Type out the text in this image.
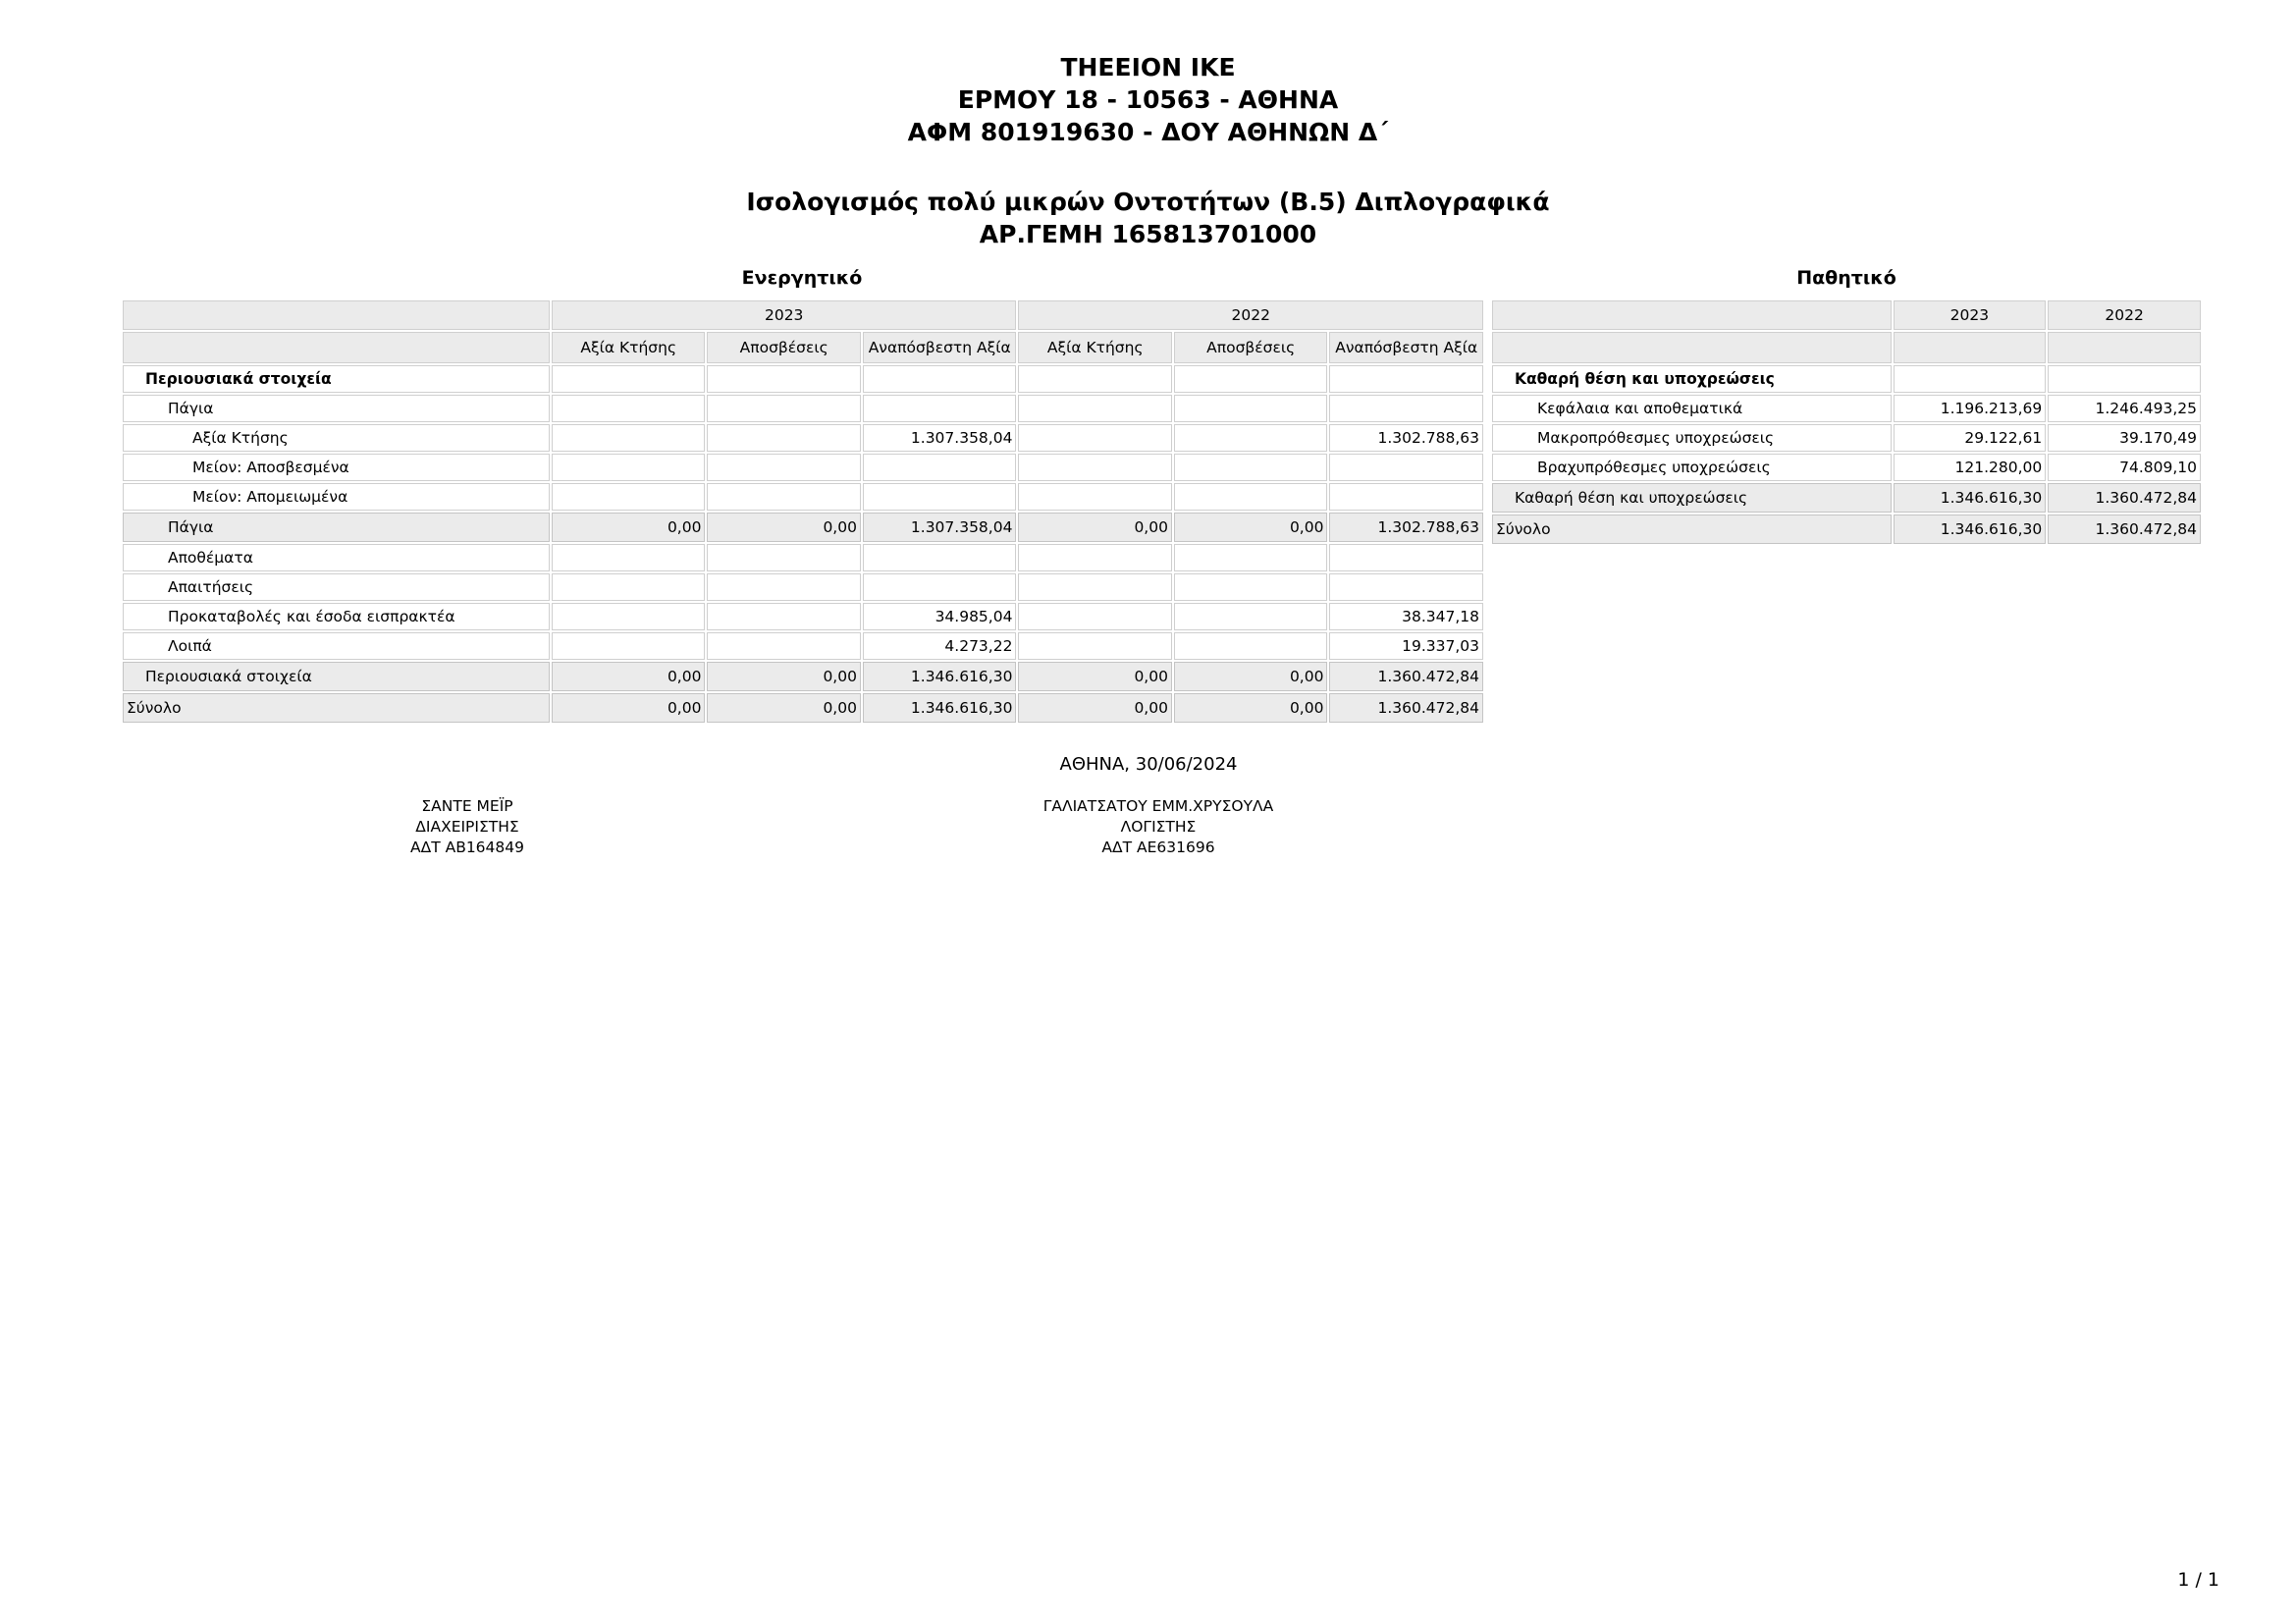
ΤΗΕΕΙΟΝ ΙΚΕ
ΕΡΜΟΥ 18 - 10563 - ΑΘΗΝΑ
ΑΦΜ 801919630 - ΔΟΥ ΑΘΗΝΩΝ Δ΄
Ισολογισμός πολύ μικρών Οντοτήτων (Β.5) Διπλογραφικά
ΑΡ.ΓΕΜΗ 165813701000
Ενεργητικό	Παθητικό
	2023			2022		
	Αξία Κτήσης	Αποσβέσεις	Αναπόσβεστη Αξία	Αξία Κτήσης	Αποσβέσεις	Αναπόσβεστη Αξία
Περιουσιακά στοιχεία						
Πάγια						
Αξία Κτήσης			1.307.358,04			1.302.788,63
Μείον: Αποσβεσμένα						
Μείον: Απομειωμένα						
Πάγια	0,00	0,00	1.307.358,04	0,00	0,00	1.302.788,63
Αποθέματα						
Απαιτήσεις						
Προκαταβολές και έσοδα εισπρακτέα			34.985,04			38.347,18
Λοιπά			4.273,22			19.337,03
Περιουσιακά στοιχεία	0,00	0,00	1.346.616,30	0,00	0,00	1.360.472,84
Σύνολο	0,00	0,00	1.346.616,30	0,00	0,00	1.360.472,84
	2023	2022

Καθαρή θέση και υποχρεώσεις		
Κεφάλαια και αποθεματικά	1.196.213,69	1.246.493,25
Μακροπρόθεσμες υποχρεώσεις	29.122,61	39.170,49
Βραχυπρόθεσμες υποχρεώσεις	121.280,00	74.809,10
Καθαρή θέση και υποχρεώσεις	1.346.616,30	1.360.472,84
Σύνολο	1.346.616,30	1.360.472,84
ΑΘΗΝΑ, 30/06/2024
ΣΑΝΤΕ ΜΕΪΡ
ΔΙΑΧΕΙΡΙΣΤΗΣ
ΑΔΤ ΑΒ164849
ΓΑΛΙΑΤΣΑΤΟΥ ΕΜΜ.ΧΡΥΣΟΥΛΑ
ΛΟΓΙΣΤΗΣ
ΑΔΤ ΑΕ631696
1 / 1
